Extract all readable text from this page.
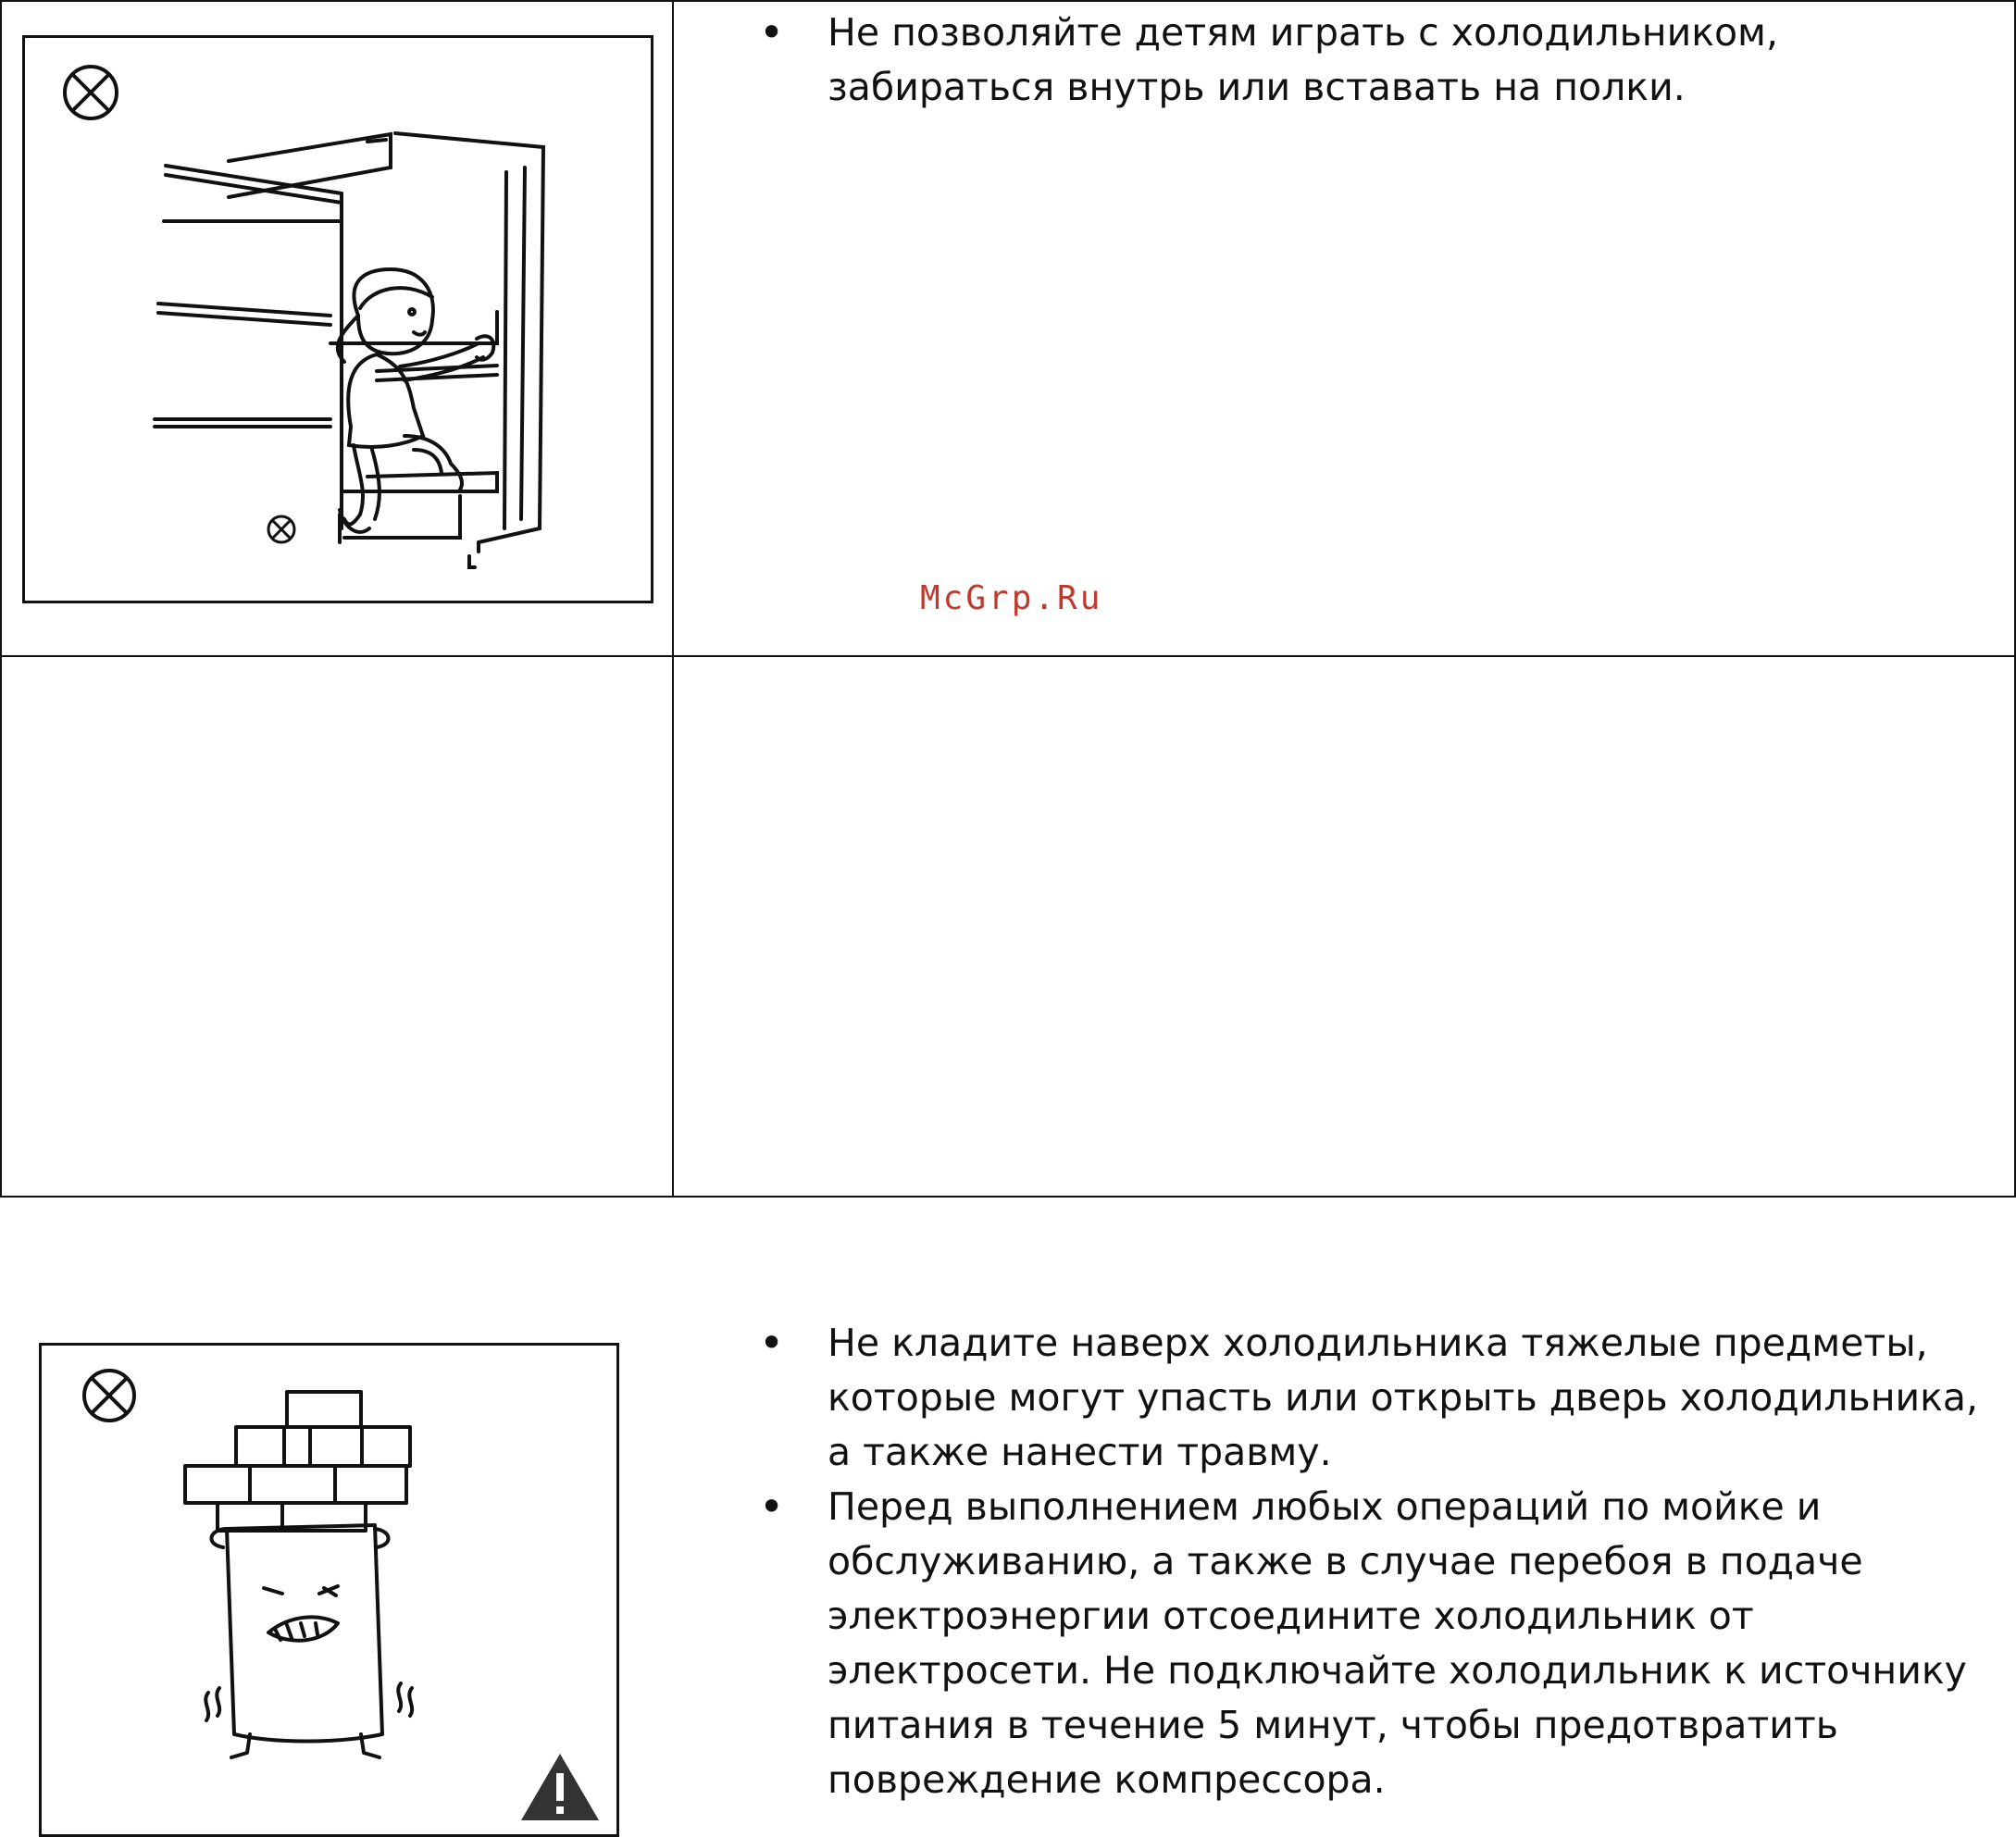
• Не позволяйте детям играть с холодильником, забираться внутрь или вставать на полки.
McGrp.Ru
• Не кладите наверх холодильника тяжелые предметы, которые могут упасть или открыть дверь холодильника, а также нанести травму.
• Перед выполнением любых операций по мойке и обслуживанию, а также в случае перебоя в подаче электроэнергии отсоедините холодильник от электросети. Не подключайте холодильник к источнику питания в течение 5 минут, чтобы предотвратить повреждение компрессора.
